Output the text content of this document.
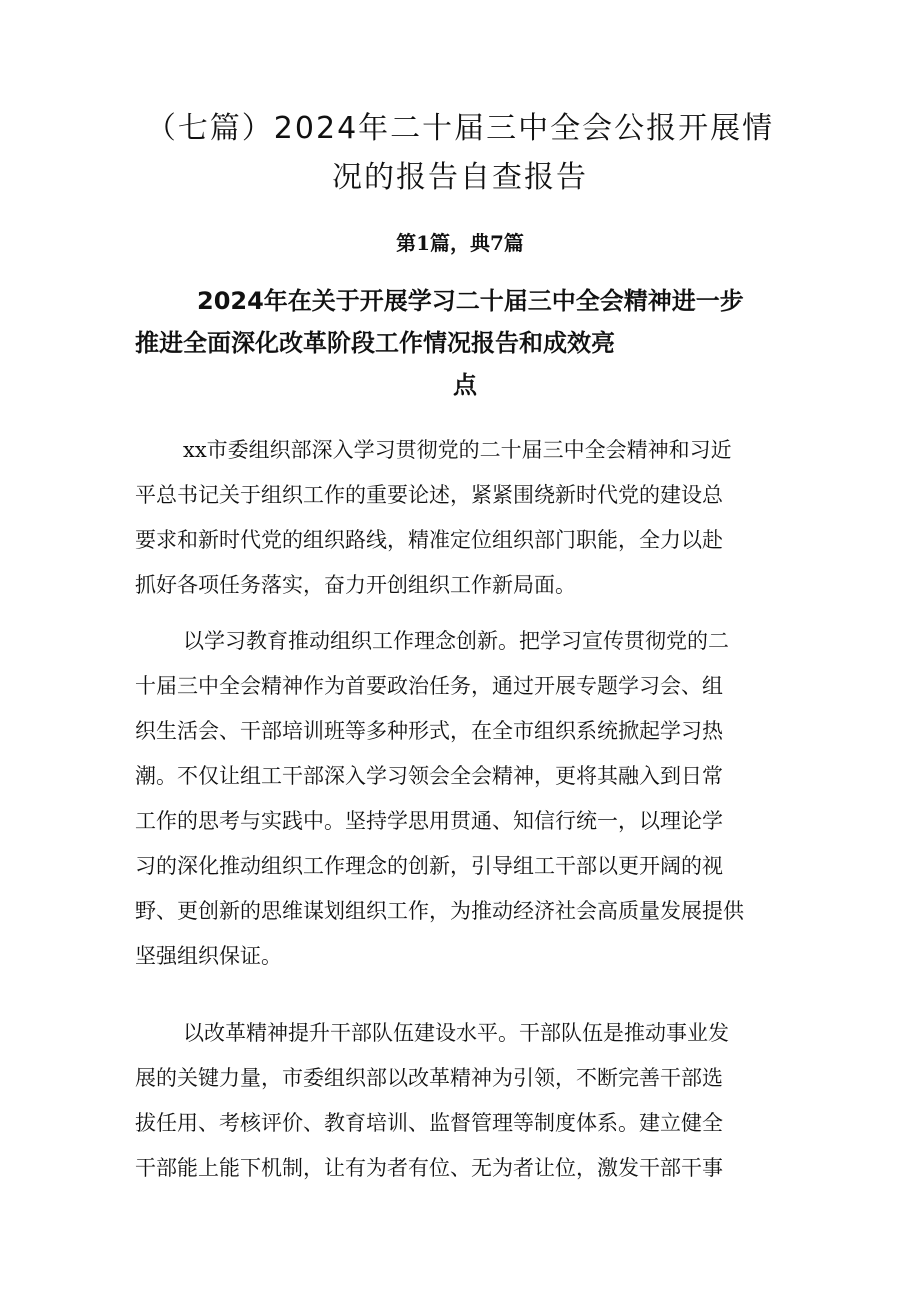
（七篇）2024年二十届三中全会公报开展情
况的报告自查报告
第1篇，典7篇
2024年在关于开展学习二十届三中全会精神进一步
推进全面深化改革阶段工作情况报告和成效亮
点
xx市委组织部深入学习贯彻党的二十届三中全会精神和习近
平总书记关于组织工作的重要论述，紧紧围绕新时代党的建设总
要求和新时代党的组织路线，精准定位组织部门职能，全力以赴
抓好各项任务落实，奋力开创组织工作新局面。
以学习教育推动组织工作理念创新。把学习宣传贯彻党的二
十届三中全会精神作为首要政治任务，通过开展专题学习会、组
织生活会、干部培训班等多种形式，在全市组织系统掀起学习热
潮。不仅让组工干部深入学习领会全会精神，更将其融入到日常
工作的思考与实践中。坚持学思用贯通、知信行统一，以理论学
习的深化推动组织工作理念的创新，引导组工干部以更开阔的视
野、更创新的思维谋划组织工作，为推动经济社会高质量发展提供
坚强组织保证。
以改革精神提升干部队伍建设水平。干部队伍是推动事业发
展的关键力量，市委组织部以改革精神为引领，不断完善干部选
拔任用、考核评价、教育培训、监督管理等制度体系。建立健全
干部能上能下机制，让有为者有位、无为者让位，激发干部干事
